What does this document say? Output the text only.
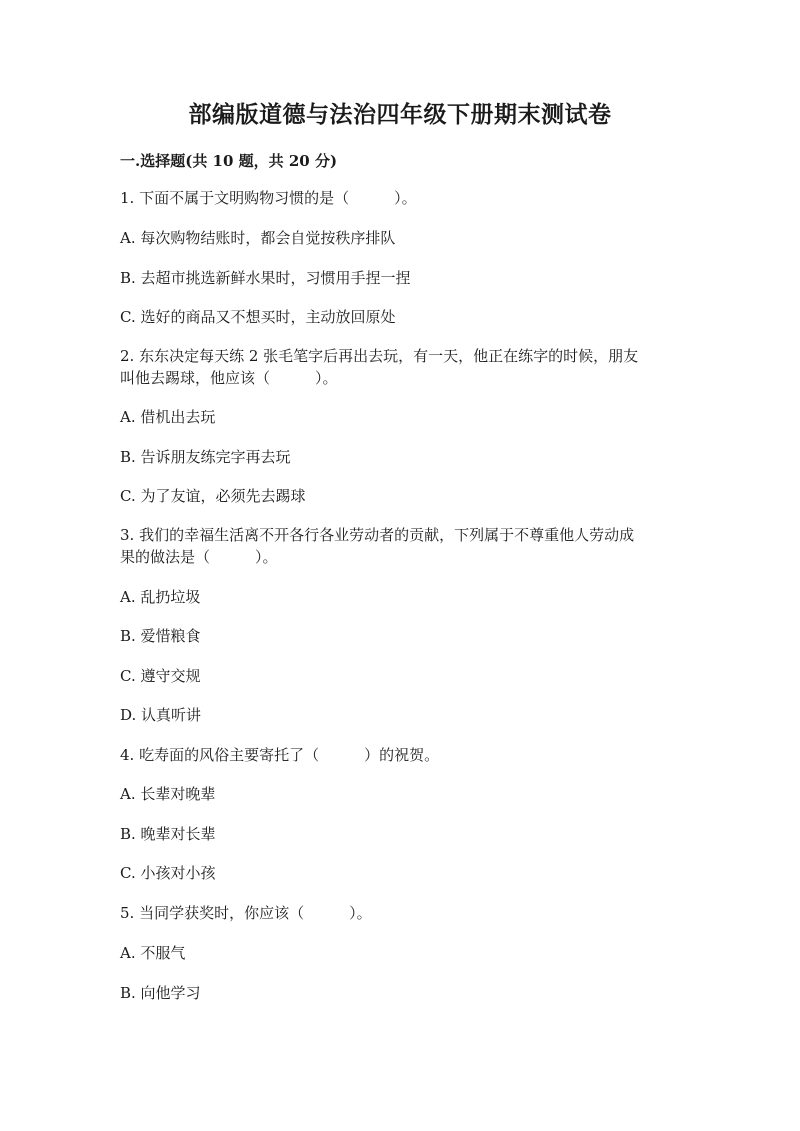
部编版道德与法治四年级下册期末测试卷
一.选择题(共 10 题，共 20 分)
1. 下面不属于文明购物习惯的是（　　　）。
A. 每次购物结账时，都会自觉按秩序排队
B. 去超市挑选新鲜水果时，习惯用手捏一捏
C. 选好的商品又不想买时，主动放回原处
2. 东东决定每天练 2 张毛笔字后再出去玩，有一天，他正在练字的时候，朋友
叫他去踢球，他应该（　　　）。
A. 借机出去玩
B. 告诉朋友练完字再去玩
C. 为了友谊，必须先去踢球
3. 我们的幸福生活离不开各行各业劳动者的贡献，下列属于不尊重他人劳动成
果的做法是（　　　）。
A. 乱扔垃圾
B. 爱惜粮食
C. 遵守交规
D. 认真听讲
4. 吃寿面的风俗主要寄托了（　　　）的祝贺。
A. 长辈对晚辈
B. 晚辈对长辈
C. 小孩对小孩
5. 当同学获奖时，你应该（　　　）。
A. 不服气
B. 向他学习
